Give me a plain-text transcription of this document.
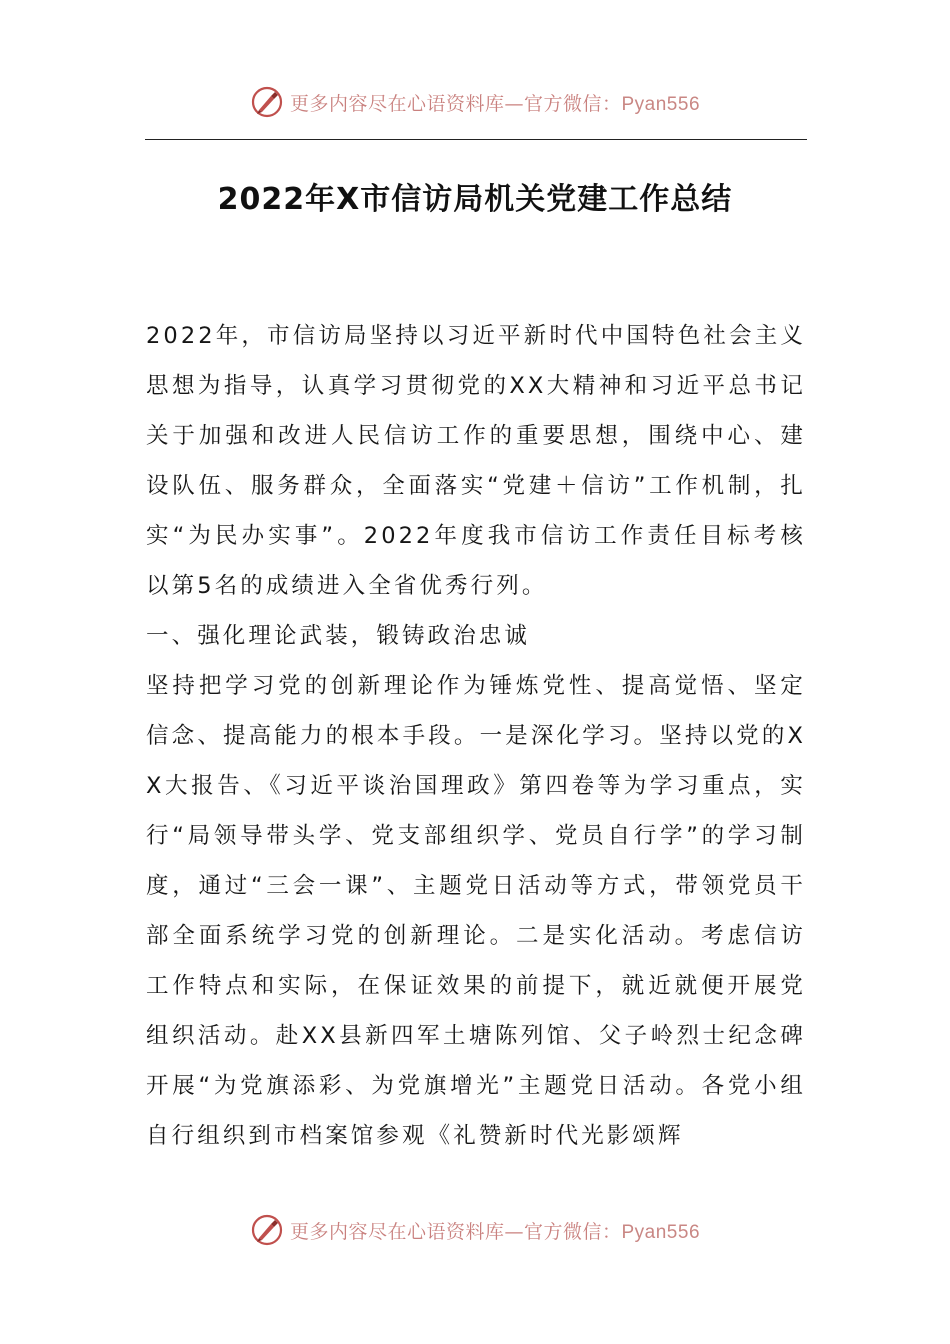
更多内容尽在心语资料库—官方微信：Pyan556
2022年X市信访局机关党建工作总结

2022年，市信访局坚持以习近平新时代中国特色社会主义思想为指导，认真学习贯彻党的XX大精神和习近平总书记关于加强和改进人民信访工作的重要思想，围绕中心、建设队伍、服务群众，全面落实“党建＋信访”工作机制，扎实“为民办实事”。2022年度我市信访工作责任目标考核以第5名的成绩进入全省优秀行列。

一、强化理论武装，锻铸政治忠诚

坚持把学习党的创新理论作为锤炼党性、提高觉悟、坚定信念、提高能力的根本手段。一是深化学习。坚持以党的XX大报告、《习近平谈治国理政》第四卷等为学习重点，实行“局领导带头学、党支部组织学、党员自行学”的学习制度，通过“三会一课”、主题党日活动等方式，带领党员干部全面系统学习党的创新理论。二是实化活动。考虑信访工作特点和实际，在保证效果的前提下，就近就便开展党组织活动。赴XX县新四军土塘陈列馆、父子岭烈士纪念碑开展“为党旗添彩、为党旗增光”主题党日活动。各党小组自行组织到市档案馆参观《礼赞新时代光影颂辉

更多内容尽在心语资料库—官方微信：Pyan556
